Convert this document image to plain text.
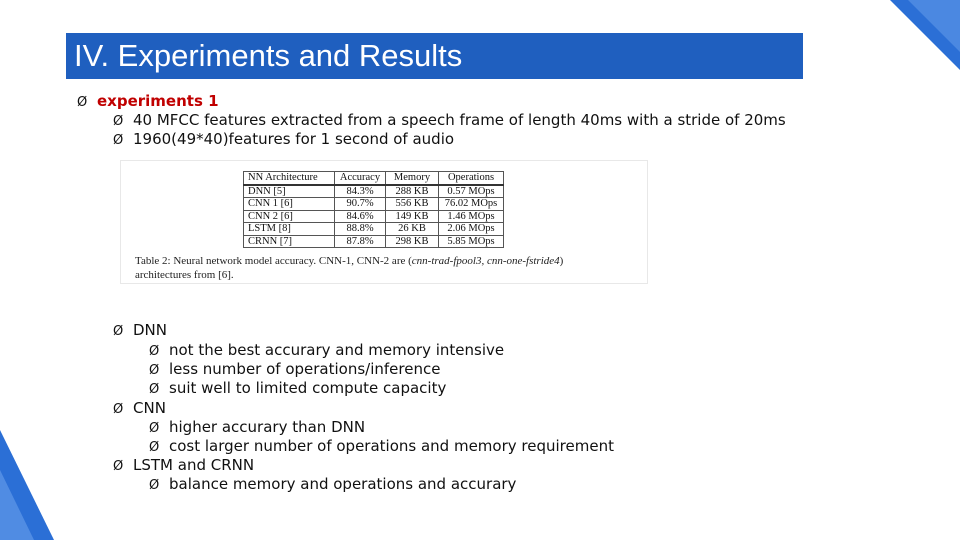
IV. Experiments and Results
Ø experiments 1
Ø 40 MFCC features extracted from a speech frame of length 40ms with a stride of 20ms
Ø 1960(49*40)features for 1 second of audio
NN Architecture	Accuracy	Memory	Operations
DNN [5]	84.3%	288 KB	0.57 MOps
CNN 1 [6]	90.7%	556 KB	76.02 MOps
CNN 2 [6]	84.6%	149 KB	1.46 MOps
LSTM [8]	88.8%	26 KB	2.06 MOps
CRNN [7]	87.8%	298 KB	5.85 MOps
Table 2: Neural network model accuracy. CNN-1, CNN-2 are (cnn-trad-fpool3, cnn-one-fstride4)
architectures from [6].
Ø DNN
Ø not the best accurary and memory intensive
Ø less number of operations/inference
Ø suit well to limited compute capacity
Ø CNN
Ø higher accurary than DNN
Ø cost larger number of operations and memory requirement
Ø LSTM and CRNN
Ø balance memory and operations and accurary
